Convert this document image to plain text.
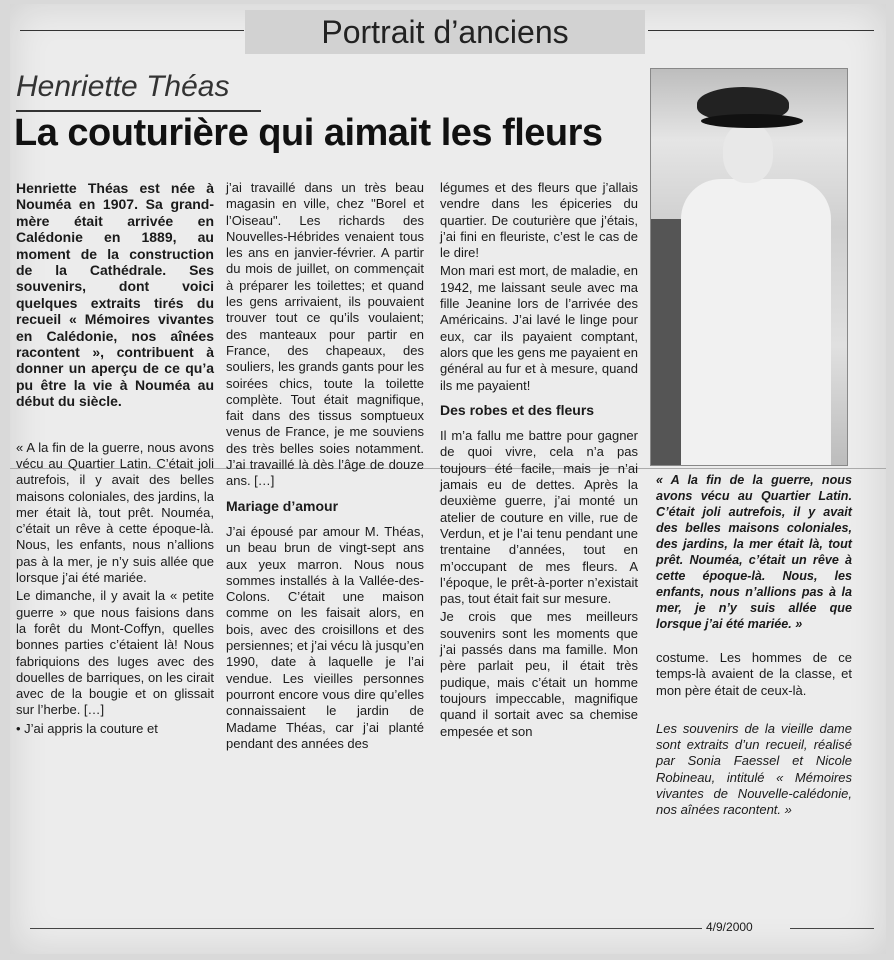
Portrait d’anciens
Henriette Théas
La couturière qui aimait les fleurs

Henriette Théas est née à Nouméa en 1907. Sa grand-mère était arrivée en Calédonie en 1889, au moment de la construction de la Cathédrale. Ses souvenirs, dont voici quelques extraits tirés du recueil « Mémoires vivantes en Calédonie, nos aînées racontent », contribuent à donner un aperçu de ce qu’a pu être la vie à Nouméa au début du siècle.

« A la fin de la guerre, nous avons vécu au Quartier Latin. C’était joli autrefois, il y avait des belles maisons coloniales, des jardins, la mer était là, tout prêt. Nouméa, c’était un rêve à cette époque-là. Nous, les enfants, nous n’allions pas à la mer, je n’y suis allée que lorsque j’ai été mariée.

Le dimanche, il y avait la « petite guerre » que nous faisions dans la forêt du Mont-Coffyn, quelles bonnes parties c’étaient là! Nous fabriquions des luges avec des douelles de barriques, on les cirait avec de la bougie et on glissait sur l’herbe. […]

• J’ai appris la couture et

j’ai travaillé dans un très beau magasin en ville, chez "Borel et l’Oiseau". Les richards des Nouvelles-Hébrides venaient tous les ans en janvier-février. A partir du mois de juillet, on commençait à préparer les toilettes; et quand les gens arrivaient, ils pouvaient trouver tout ce qu’ils voulaient; des manteaux pour partir en France, des chapeaux, des souliers, les grands gants pour les soirées chics, toute la toilette complète. Tout était magnifique, fait dans des tissus somptueux venus de France, je me souviens des très belles soies notamment. J’ai travaillé là dès l’âge de douze ans. […]

Mariage d’amour

J’ai épousé par amour M. Théas, un beau brun de vingt-sept ans aux yeux marron. Nous nous sommes installés à la Vallée-des-Colons. C’était une maison comme on les faisait alors, en bois, avec des croisillons et des persiennes; et j’ai vécu là jusqu’en 1990, date à laquelle je l’ai vendue. Les vieilles personnes pourront encore vous dire qu’elles connaissaient le jardin de Madame Théas, car j’ai planté pendant des années des

légumes et des fleurs que j’allais vendre dans les épiceries du quartier. De couturière que j’étais, j’ai fini en fleuriste, c’est le cas de le dire!

Mon mari est mort, de maladie, en 1942, me laissant seule avec ma fille Jeanine lors de l’arrivée des Américains. J’ai lavé le linge pour eux, car ils payaient comptant, alors que les gens me payaient en général au fur et à mesure, quand ils me payaient!

Des robes et des fleurs

Il m’a fallu me battre pour gagner de quoi vivre, cela n’a pas toujours été facile, mais je n’ai jamais eu de dettes. Après la deuxième guerre, j’ai monté un atelier de couture en ville, rue de Verdun, et je l’ai tenu pendant une trentaine d’années, tout en m’occupant de mes fleurs. A l’époque, le prêt-à-porter n’existait pas, tout était fait sur mesure.

Je crois que mes meilleurs souvenirs sont les moments que j’ai passés dans ma famille. Mon père parlait peu, il était très pudique, mais c’était un homme toujours impeccable, magnifique quand il sortait avec sa chemise empesée et son

« A la fin de la guerre, nous avons vécu au Quartier Latin. C’était joli autrefois, il y avait des belles maisons coloniales, des jardins, la mer était là, tout prêt. Nouméa, c’était un rêve à cette époque-là. Nous, les enfants, nous n’allions pas à la mer, je n’y suis allée que lorsque j’ai été mariée. »

costume. Les hommes de ce temps-là avaient de la classe, et mon père était de ceux-là.

Les souvenirs de la vieille dame sont extraits d’un recueil, réalisé par Sonia Faessel et Nicole Robineau, intitulé « Mémoires vivantes de Nouvelle-calédonie, nos aînées racontent. »

4/9/2000
